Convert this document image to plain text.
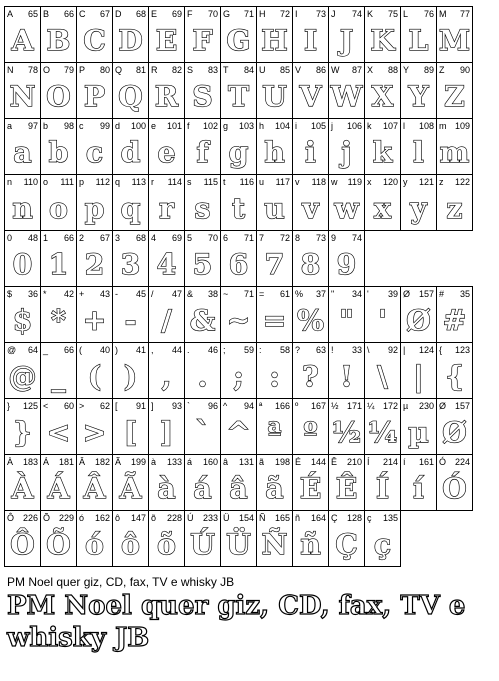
A 65
A
B 66
B
C 67
C
D 68
D
E 69
E
F 70
F
G 71
G
H 72
H
I 73
I
J 74
J
K 75
K
L 76
L
M 77
M
N 78
N
O 79
O
P 80
P
Q 81
Q
R 82
R
S 83
S
T 84
T
U 85
U
V 86
V
W 87
W
X 88
X
Y 89
Y
Z 90
Z
a 97
a
b 98
b
c 99
c
d 100
d
e 101
e
f 102
f
g 103
g
h 104
h
i 105
i
j 106
j
k 107
k
l 108
l
m 109
m
n 110
n
o 111
o
p 112
p
q 113
q
r 114
r
s 115
s
t 116
t
u 117
u
v 118
v
w 119
w
x 120
x
y 121
y
z 122
z
0 48
0
1 66
1
2 67
2
3 68
3
4 69
4
5 70
5
6 71
6
7 72
7
8 73
8
9 74
9
$ 36
$
* 42
*
+ 43
+
- 45
-
/ 47
/
& 38
&
~ 71
~
= 61
=
% 37
%
" 34
"
' 39
'
Ø 157
Ø
# 35
#
@ 64
@
_ 66
_
( 40
(
) 41
)
, 44
,
. 46
.
; 59
;
: 58
:
? 63
?
! 33
!
\ 92
\
| 124
|
{ 123
{
} 125
}
< 60
<
> 62
>
[ 91
[
] 93
]
` 96
`
^ 94
^
ª 166
ª
º 167
º
½ 171
½
¼ 172
¼
µ 230
µ
Ø 157
Ø
À 183
À
Á 181
Á
Â 182
Â
Ã 199
Ã
à 133
à
á 160
á
â 131
â
ã 198
ã
É 144
É
Ê 210
Ê
Í 214
Í
í 161
í
Ó 224
Ó
Ô 226
Ô
Õ 229
Õ
ó 162
ó
ô 147
ô
õ 228
õ
Ú 233
Ú
Ü 154
Ü
Ñ 165
Ñ
ñ 164
ñ
Ç 128
Ç
ç 135
ç
PM Noel quer giz, CD, fax, TV e whisky JB
PM Noel quer giz, CD, fax, TV e whisky JB
